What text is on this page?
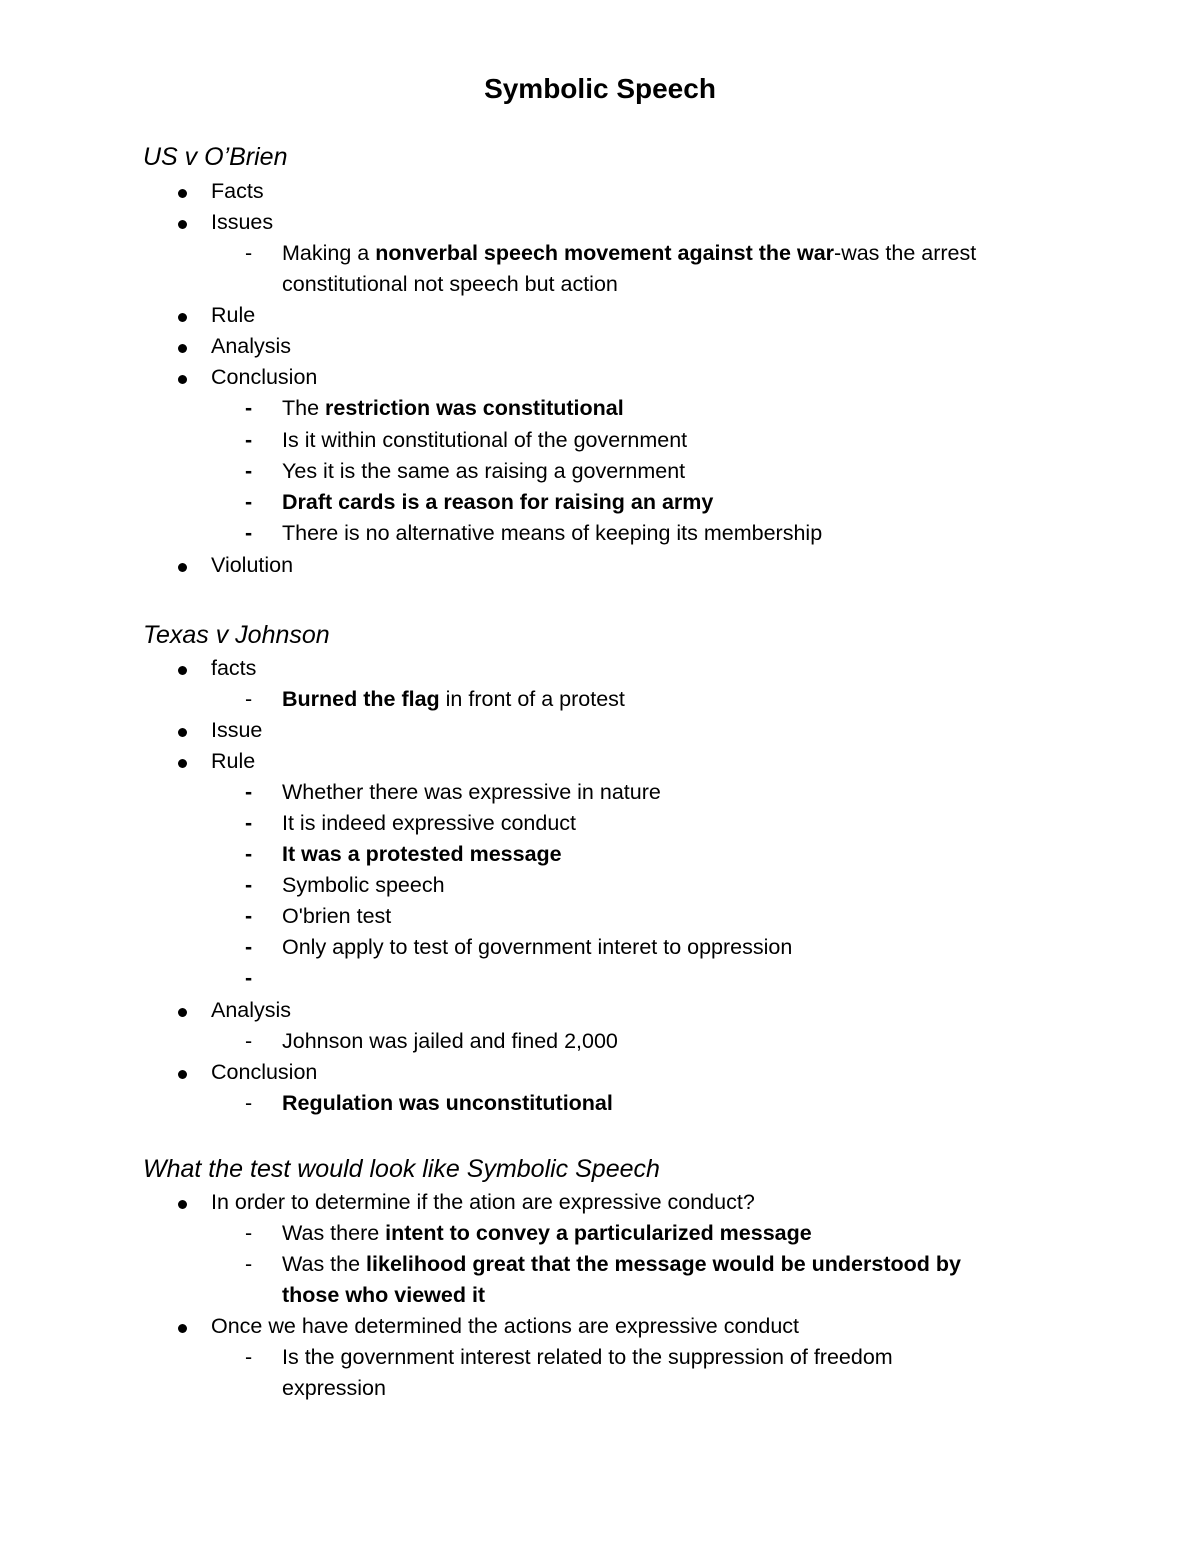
Symbolic Speech
US v O’Brien
Facts
Issues
-	Making a nonverbal speech movement against the war-was the arrest
constitutional not speech but action
Rule
Analysis
Conclusion
-	The restriction was constitutional
-	Is it within constitutional of the government
-	Yes it is the same as raising a government
-	Draft cards is a reason for raising an army
-	There is no alternative means of keeping its membership
Violution
Texas v Johnson
facts
-	Burned the flag in front of a protest
Issue
Rule
-	Whether there was expressive in nature
-	It is indeed expressive conduct
-	It was a protested message
-	Symbolic speech
-	O'brien test
-	Only apply to test of government interet to oppression
-
Analysis
-	Johnson was jailed and fined 2,000
Conclusion
-	Regulation was unconstitutional
What the test would look like Symbolic Speech
In order to determine if the ation are expressive conduct?
-	Was there intent to convey a particularized message
-	Was the likelihood great that the message would be understood by
those who viewed it
Once we have determined the actions are expressive conduct
-	Is the government interest related to the suppression of freedom
expression
